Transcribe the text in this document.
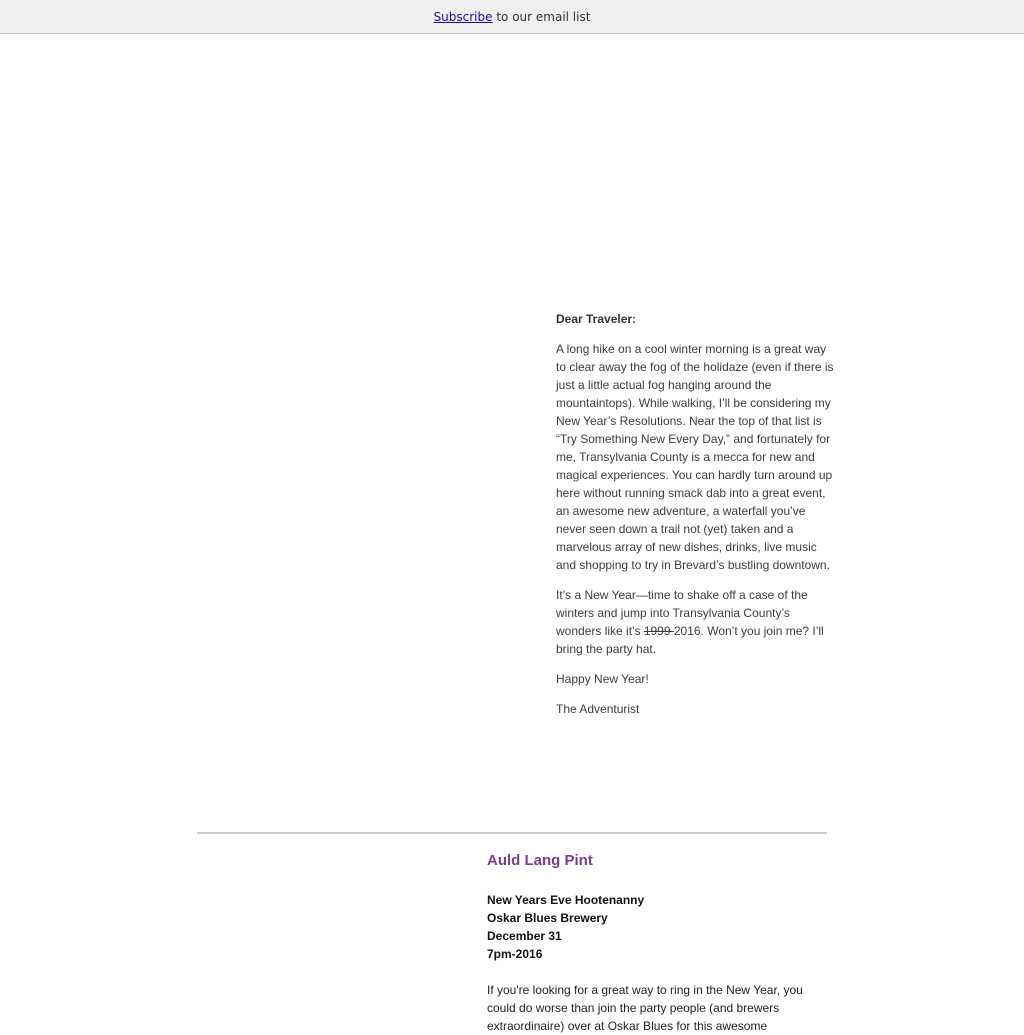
Subscribe to our email list

Dear Traveler:

A long hike on a cool winter morning is a great way to clear away the fog of the holidaze (even if there is just a little actual fog hanging around the mountaintops). While walking, I’ll be considering my New Year’s Resolutions. Near the top of that list is “Try Something New Every Day,” and fortunately for me, Transylvania County is a mecca for new and magical experiences. You can hardly turn around up here without running smack dab into a great event, an awesome new adventure, a waterfall you’ve never seen down a trail not (yet) taken and a marvelous array of new dishes, drinks, live music and shopping to try in Brevard’s bustling downtown.

It’s a New Year—time to shake off a case of the winters and jump into Transylvania County’s wonders like it’s 1999 2016. Won’t you join me? I’ll bring the party hat.

Happy New Year!

The Adventurist

Auld Lang Pint
New Years Eve Hootenanny
Oskar Blues Brewery
December 31
7pm-2016
If you're looking for a great way to ring in the New Year, you could do worse than join the party people (and brewers extraordinaire) over at Oskar Blues for this awesome
